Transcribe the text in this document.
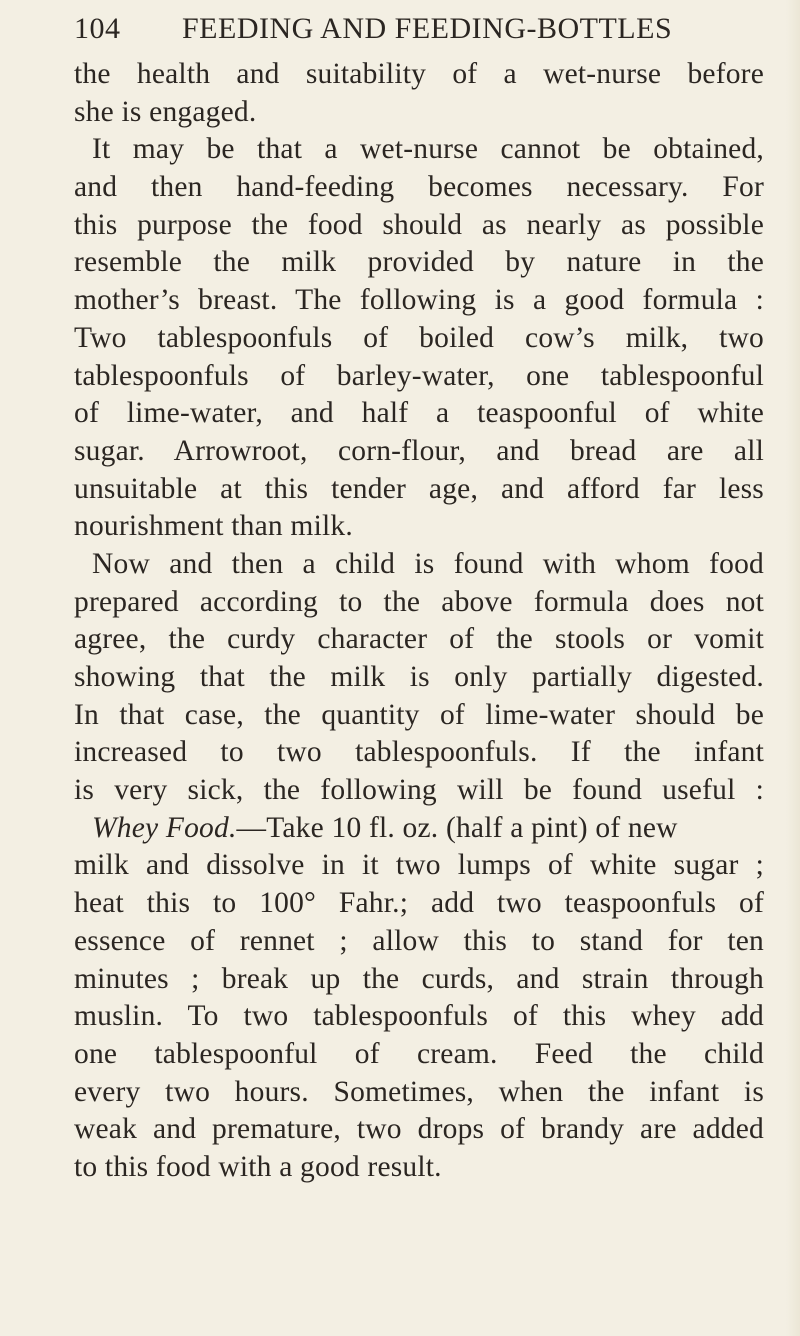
104 FEEDING AND FEEDING-BOTTLES
the health and suitability of a wet-nurse before
she is engaged.
It may be that a wet-nurse cannot be obtained,
and then hand-feeding becomes necessary. For
this purpose the food should as nearly as possible
resemble the milk provided by nature in the
mother’s breast. The following is a good formula :
Two tablespoonfuls of boiled cow’s milk, two
tablespoonfuls of barley-water, one tablespoonful
of lime-water, and half a teaspoonful of white
sugar. Arrowroot, corn-flour, and bread are all
unsuitable at this tender age, and afford far less
nourishment than milk.
Now and then a child is found with whom food
prepared according to the above formula does not
agree, the curdy character of the stools or vomit
showing that the milk is only partially digested.
In that case, the quantity of lime-water should be
increased to two tablespoonfuls. If the infant
is very sick, the following will be found useful :
Whey Food.—Take 10 fl. oz. (half a pint) of new
milk and dissolve in it two lumps of white sugar ;
heat this to 100° Fahr.; add two teaspoonfuls of
essence of rennet ; allow this to stand for ten
minutes ; break up the curds, and strain through
muslin. To two tablespoonfuls of this whey add
one tablespoonful of cream. Feed the child
every two hours. Sometimes, when the infant is
weak and premature, two drops of brandy are added
to this food with a good result.
